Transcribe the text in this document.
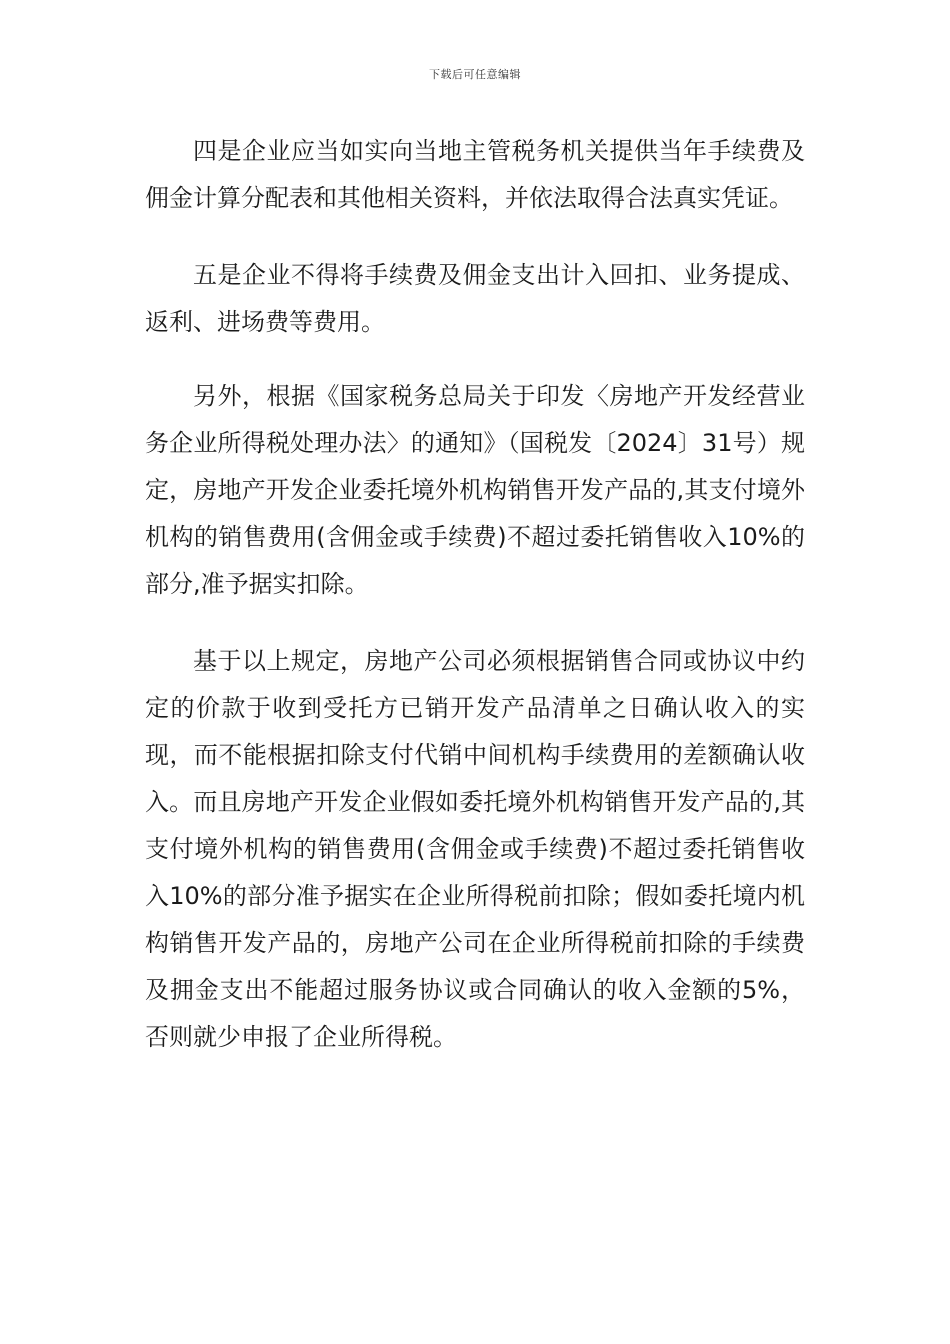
下载后可任意编辑

四是企业应当如实向当地主管税务机关提供当年手续费及佣金计算分配表和其他相关资料，并依法取得合法真实凭证。

五是企业不得将手续费及佣金支出计入回扣、业务提成、返利、进场费等费用。

另外，根据《国家税务总局关于印发〈房地产开发经营业务企业所得税处理办法〉的通知》（国税发〔2024〕31号）规定，房地产开发企业委托境外机构销售开发产品的,其支付境外机构的销售费用(含佣金或手续费)不超过委托销售收入10%的部分,准予据实扣除。

基于以上规定，房地产公司必须根据销售合同或协议中约定的价款于收到受托方已销开发产品清单之日确认收入的实现，而不能根据扣除支付代销中间机构手续费用的差额确认收入。而且房地产开发企业假如委托境外机构销售开发产品的,其支付境外机构的销售费用(含佣金或手续费)不超过委托销售收入10%的部分准予据实在企业所得税前扣除；假如委托境内机构销售开发产品的，房地产公司在企业所得税前扣除的手续费及拥金支出不能超过服务协议或合同确认的收入金额的5%，否则就少申报了企业所得税。
